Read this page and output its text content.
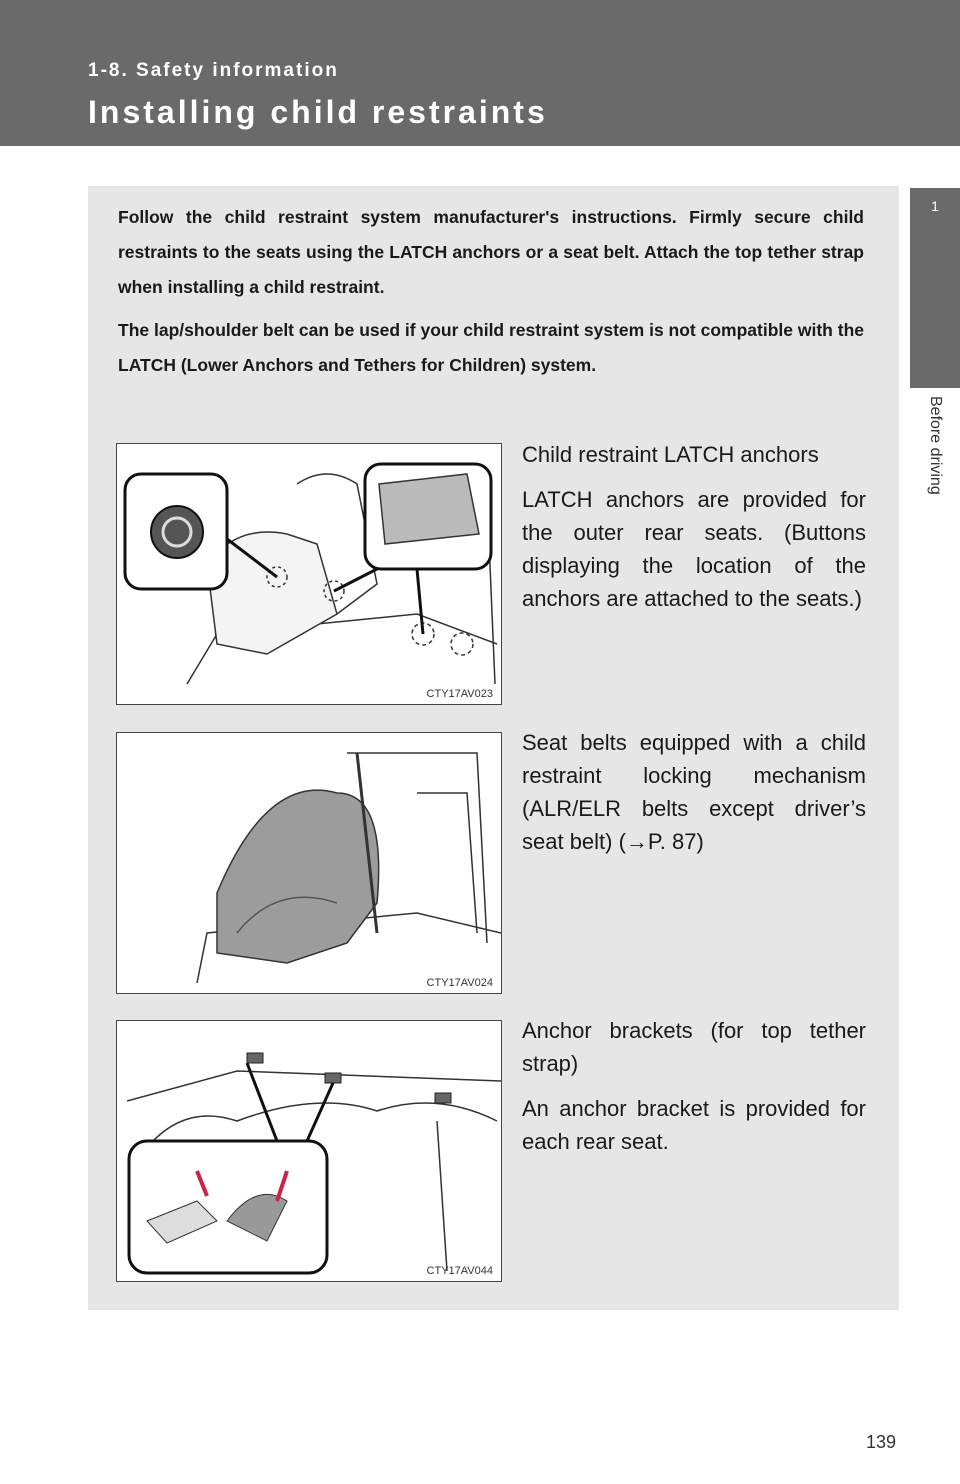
1-8. Safety information
Installing child restraints
1
Before driving

Follow the child restraint system manufacturer's instructions. Firmly secure child restraints to the seats using the LATCH anchors or a seat belt. Attach the top tether strap when installing a child restraint.

The lap/shoulder belt can be used if your child restraint system is not compatible with the LATCH (Lower Anchors and Tethers for Children) system.

CTY17AV023

Child restraint LATCH anchors

LATCH anchors are provided for the outer rear seats. (Buttons displaying the location of the anchors are attached to the seats.)

CTY17AV024

Seat belts equipped with a child restraint locking mechanism (ALR/ELR belts except driver’s seat belt) (→P. 87)

CTY17AV044

Anchor brackets (for top tether strap)

An anchor bracket is provided for each rear seat.

139
